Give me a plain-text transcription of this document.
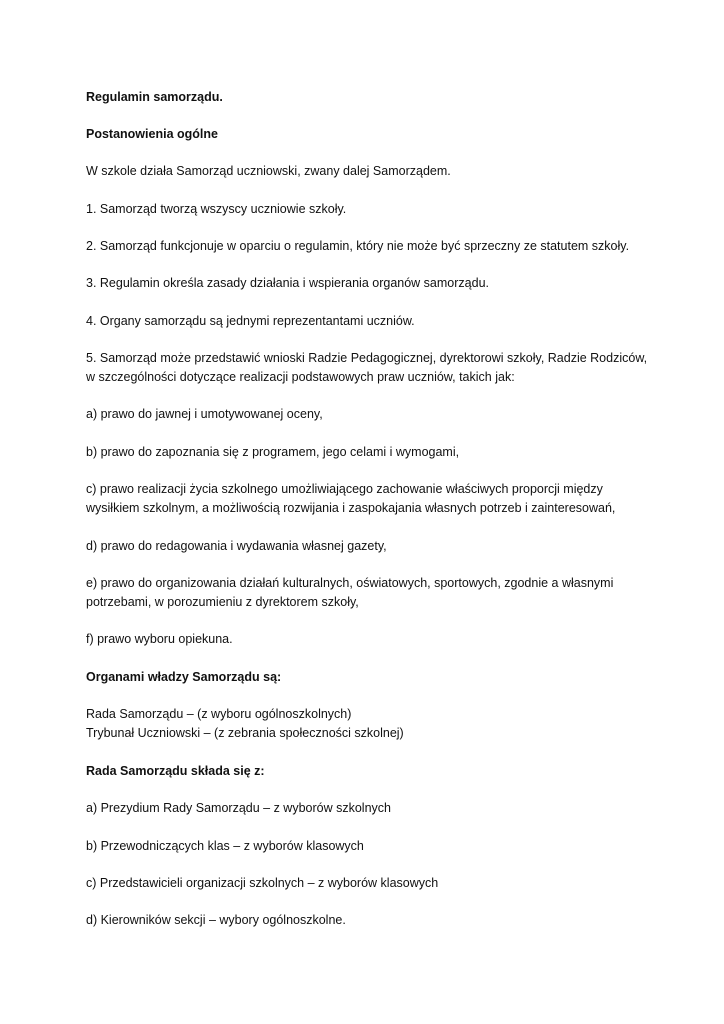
Regulamin samorządu.

Postanowienia ogólne

W szkole działa Samorząd uczniowski, zwany dalej Samorządem.

1. Samorząd tworzą wszyscy uczniowie szkoły.

2. Samorząd funkcjonuje w oparciu o regulamin, który nie może być sprzeczny ze statutem szkoły.

3. Regulamin określa zasady działania i wspierania organów samorządu.

4. Organy samorządu są jednymi reprezentantami uczniów.

5. Samorząd może przedstawić wnioski Radzie Pedagogicznej, dyrektorowi szkoły, Radzie Rodziców,

w szczególności dotyczące realizacji podstawowych praw uczniów, takich jak:

a) prawo do jawnej i umotywowanej oceny,

b) prawo do zapoznania się z programem, jego celami i wymogami,

c) prawo realizacji życia szkolnego umożliwiającego zachowanie właściwych proporcji między

wysiłkiem szkolnym, a możliwością rozwijania i zaspokajania własnych potrzeb i zainteresowań,

d) prawo do redagowania i wydawania własnej gazety,

e) prawo do organizowania działań kulturalnych, oświatowych, sportowych, zgodnie a własnymi

potrzebami, w porozumieniu z dyrektorem szkoły,

f) prawo wyboru opiekuna.

Organami władzy Samorządu są:

Rada Samorządu – (z wyboru ogólnoszkolnych)

Trybunał Uczniowski – (z zebrania społeczności szkolnej)

Rada Samorządu składa się z:

a) Prezydium Rady Samorządu – z wyborów szkolnych

b) Przewodniczących klas – z wyborów klasowych

c) Przedstawicieli organizacji szkolnych – z wyborów klasowych

d) Kierowników sekcji – wybory ogólnoszkolne.
